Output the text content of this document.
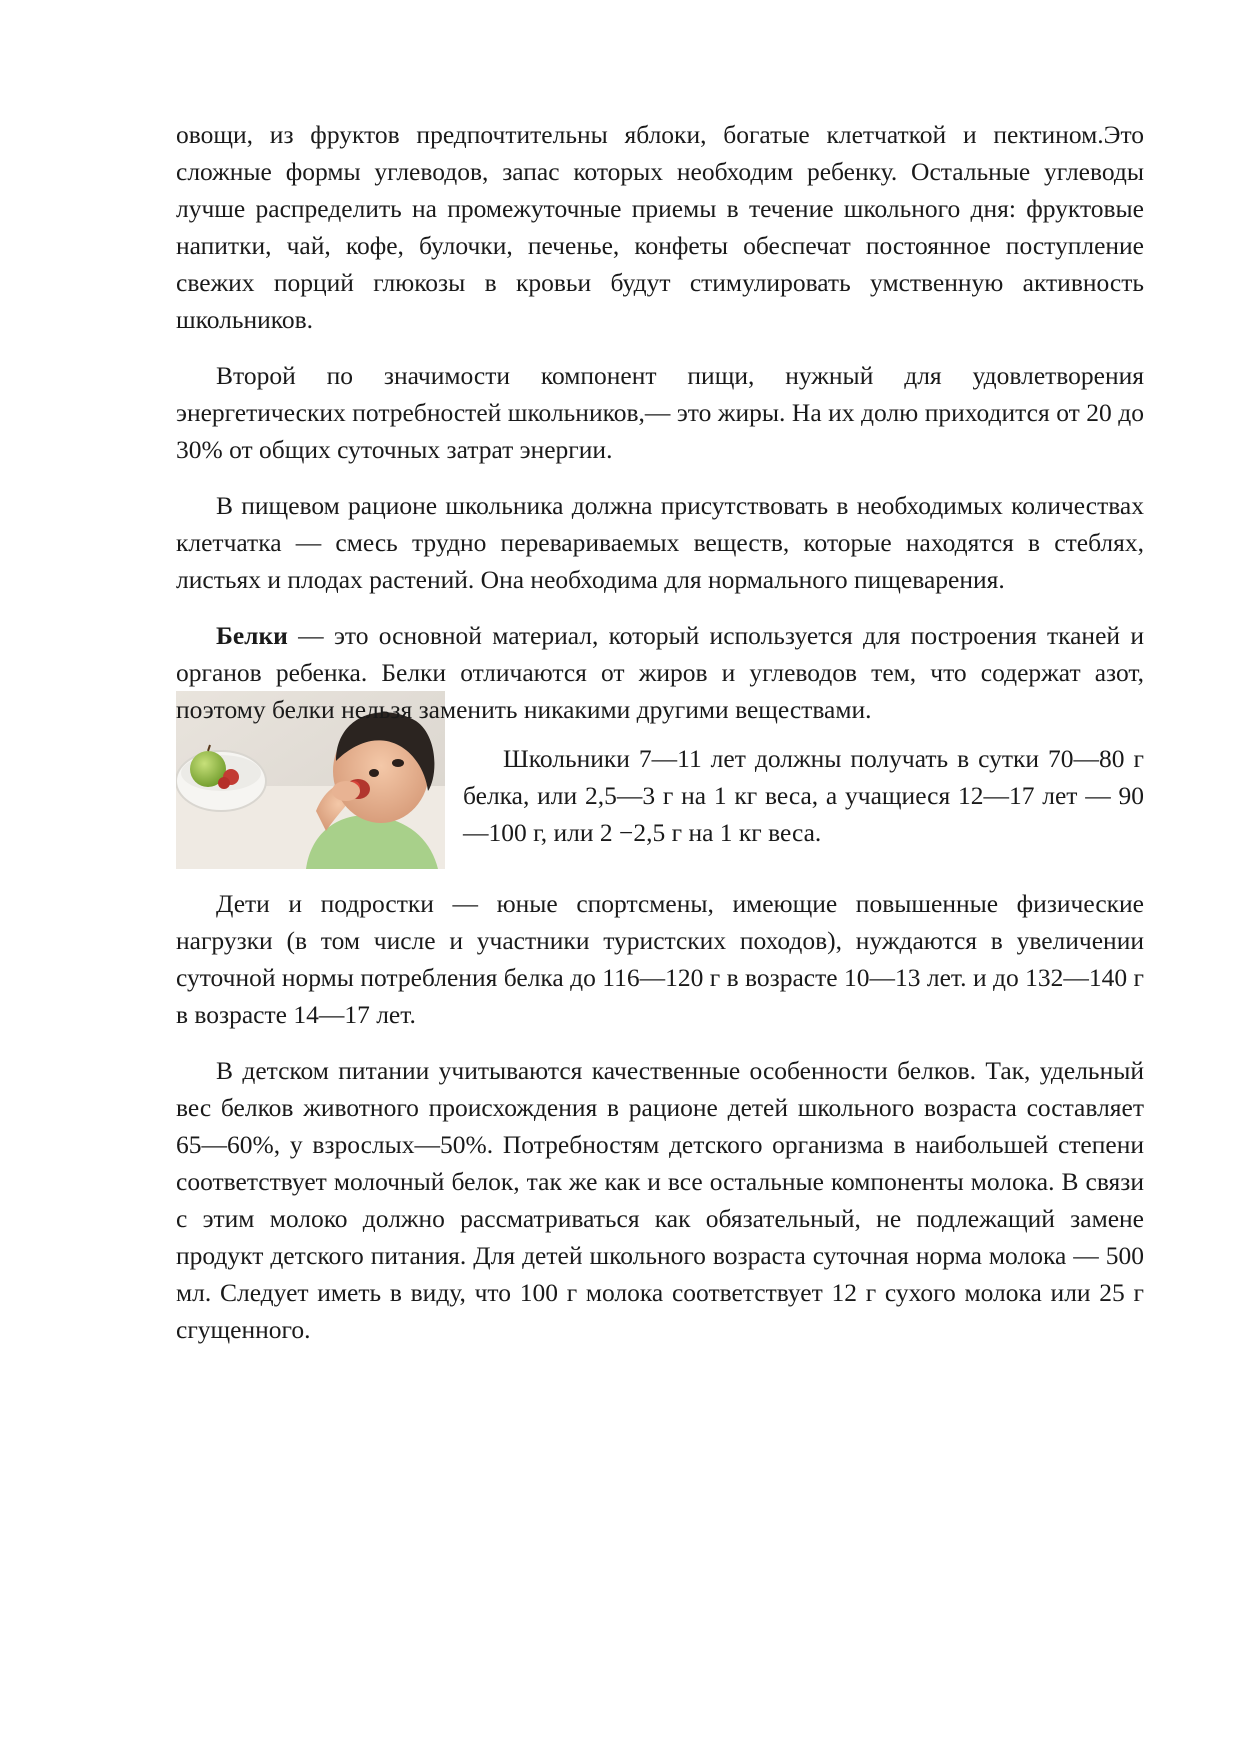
овощи, из фруктов предпочтительны яблоки, богатые клетчаткой и пектином.Это сложные формы углеводов, запас которых необходим ребенку. Остальные углеводы лучше распределить на промежуточные приемы в течение школьного дня: фруктовые напитки, чай, кофе, булочки, печенье, конфеты обеспечат постоянное поступление свежих порций глюкозы в кровьи будут стимулировать умственную активность школьников.

Второй по значимости компонент пищи, нужный для удовлетворения энергетических потребностей школьников,— это жиры. На их долю приходится от 20 до 30% от общих суточных затрат энергии.

В пищевом рационе школьника должна присутствовать в необходимых количествах клетчатка — смесь трудно перевариваемых веществ, которые находятся в стеблях, листьях и плодах растений. Она необходима для нормального пищеварения.

Белки — это основной материал, который используется для построения тканей и органов ребенка. Белки отличаются от жиров и углеводов тем, что содержат азот, поэтому белки нельзя заменить никакими другими веществами.

Школьники 7—11 лет должны получать в сутки 70—80 г белка, или 2,5—3 г на 1 кг веса, а учащиеся 12—17 лет — 90—100 г, или 2 −2,5 г на 1 кг веса.

Дети и подростки — юные спортсмены, имеющие повышенные физические нагрузки (в том числе и участники туристских походов), нуждаются в увеличении суточной нормы потребления белка до 116—120 г в возрасте 10—13 лет. и до 132—140 г в возрасте 14—17 лет.

В детском питании учитываются качественные особенности белков. Так, удельный вес белков животного происхождения в рационе детей школьного возраста составляет 65—60%, у взрослых—50%. Потребностям детского организма в наибольшей степени соответствует молочный белок, так же как и все остальные компоненты молока. В связи с этим молоко должно рассматриваться как обязательный, не подлежащий замене продукт детского питания. Для детей школьного возраста суточная норма молока — 500 мл. Следует иметь в виду, что 100 г молока соответствует 12 г сухого молока или 25 г сгущенного.
